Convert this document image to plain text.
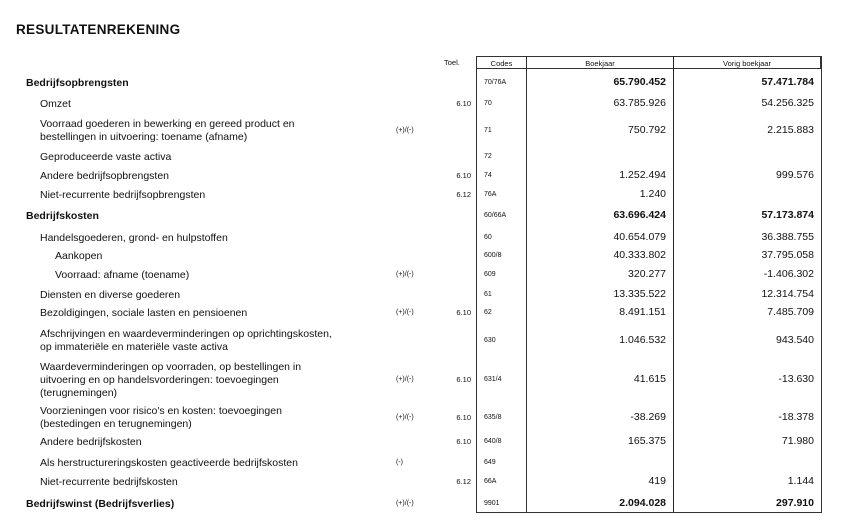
RESULTATENREKENING
Toel.	Codes	Boekjaar	Vorig boekjaar
Bedrijfsopbrengsten	70/76A	65.790.452	57.471.784
Omzet	6.10 70	63.785.926	54.256.325
Voorraad goederen in bewerking en gereed product en
bestellingen in uitvoering: toename (afname)
(+)/(-)	71	750.792	2.215.883
Geproduceerde vaste activa	72
Andere bedrijfsopbrengsten	6.10 74	1.252.494	999.576
Niet-recurrente bedrijfsopbrengsten	6.12 76A	1.240
Bedrijfskosten	60/66A	63.696.424	57.173.874
Handelsgoederen, grond- en hulpstoffen	60	40.654.079	36.388.755
Aankopen	600/8	40.333.802	37.795.058
Voorraad: afname (toename)	(+)/(-)	609	320.277	-1.406.302
Diensten en diverse goederen	61	13.335.522	12.314.754
Bezoldigingen, sociale lasten en pensioenen	(+)/(-)	6.10 62	8.491.151	7.485.709
Afschrijvingen en waardeverminderingen op oprichtingskosten,
op immateriële en materiële vaste activa
630	1.046.532	943.540
Waardeverminderingen op voorraden, op bestellingen in
uitvoering en op handelsvorderingen: toevoegingen
(terugnemingen)
(+)/(-)	6.10 631/4	41.615	-13.630
Voorzieningen voor risico's en kosten: toevoegingen
(bestedingen en terugnemingen)
(+)/(-)	6.10 635/8	-38.269	-18.378
Andere bedrijfskosten	6.10 640/8	165.375	71.980
Als herstructureringskosten geactiveerde bedrijfskosten	(-)	649
Niet-recurrente bedrijfskosten	6.12 66A	419	1.144
Bedrijfswinst (Bedrijfsverlies)	(+)/(-)	9901	2.094.028	297.910
